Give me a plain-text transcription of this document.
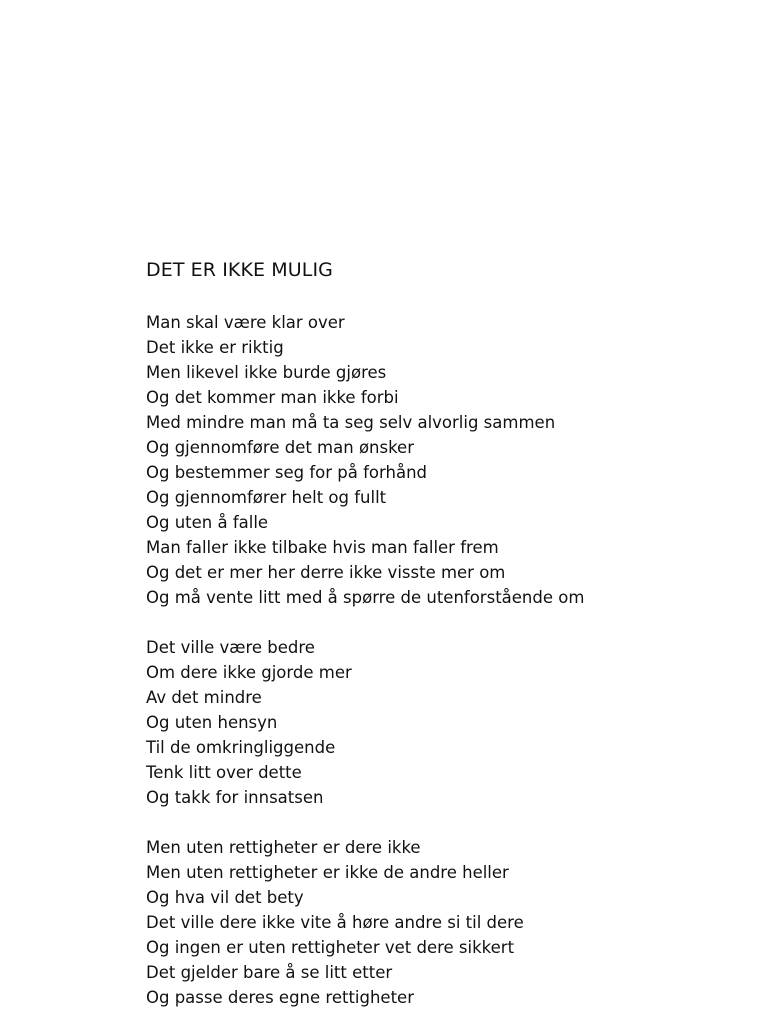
DET ER IKKE MULIG
Man skal være klar over
Det ikke er riktig
Men likevel ikke burde gjøres
Og det kommer man ikke forbi
Med mindre man må ta seg selv alvorlig sammen
Og gjennomføre det man ønsker
Og bestemmer seg for på forhånd
Og gjennomfører helt og fullt
Og uten å falle
Man faller ikke tilbake hvis man faller frem
Og det er mer her derre ikke visste mer om
Og må vente litt med å spørre de utenforstående om
Det ville være bedre
Om dere ikke gjorde mer
Av det mindre
Og uten hensyn
Til de omkringliggende
Tenk litt over dette
Og takk for innsatsen
Men uten rettigheter er dere ikke
Men uten rettigheter er ikke de andre heller
Og hva vil det bety
Det ville dere ikke vite å høre andre si til dere
Og ingen er uten rettigheter vet dere sikkert
Det gjelder bare å se litt etter
Og passe deres egne rettigheter
